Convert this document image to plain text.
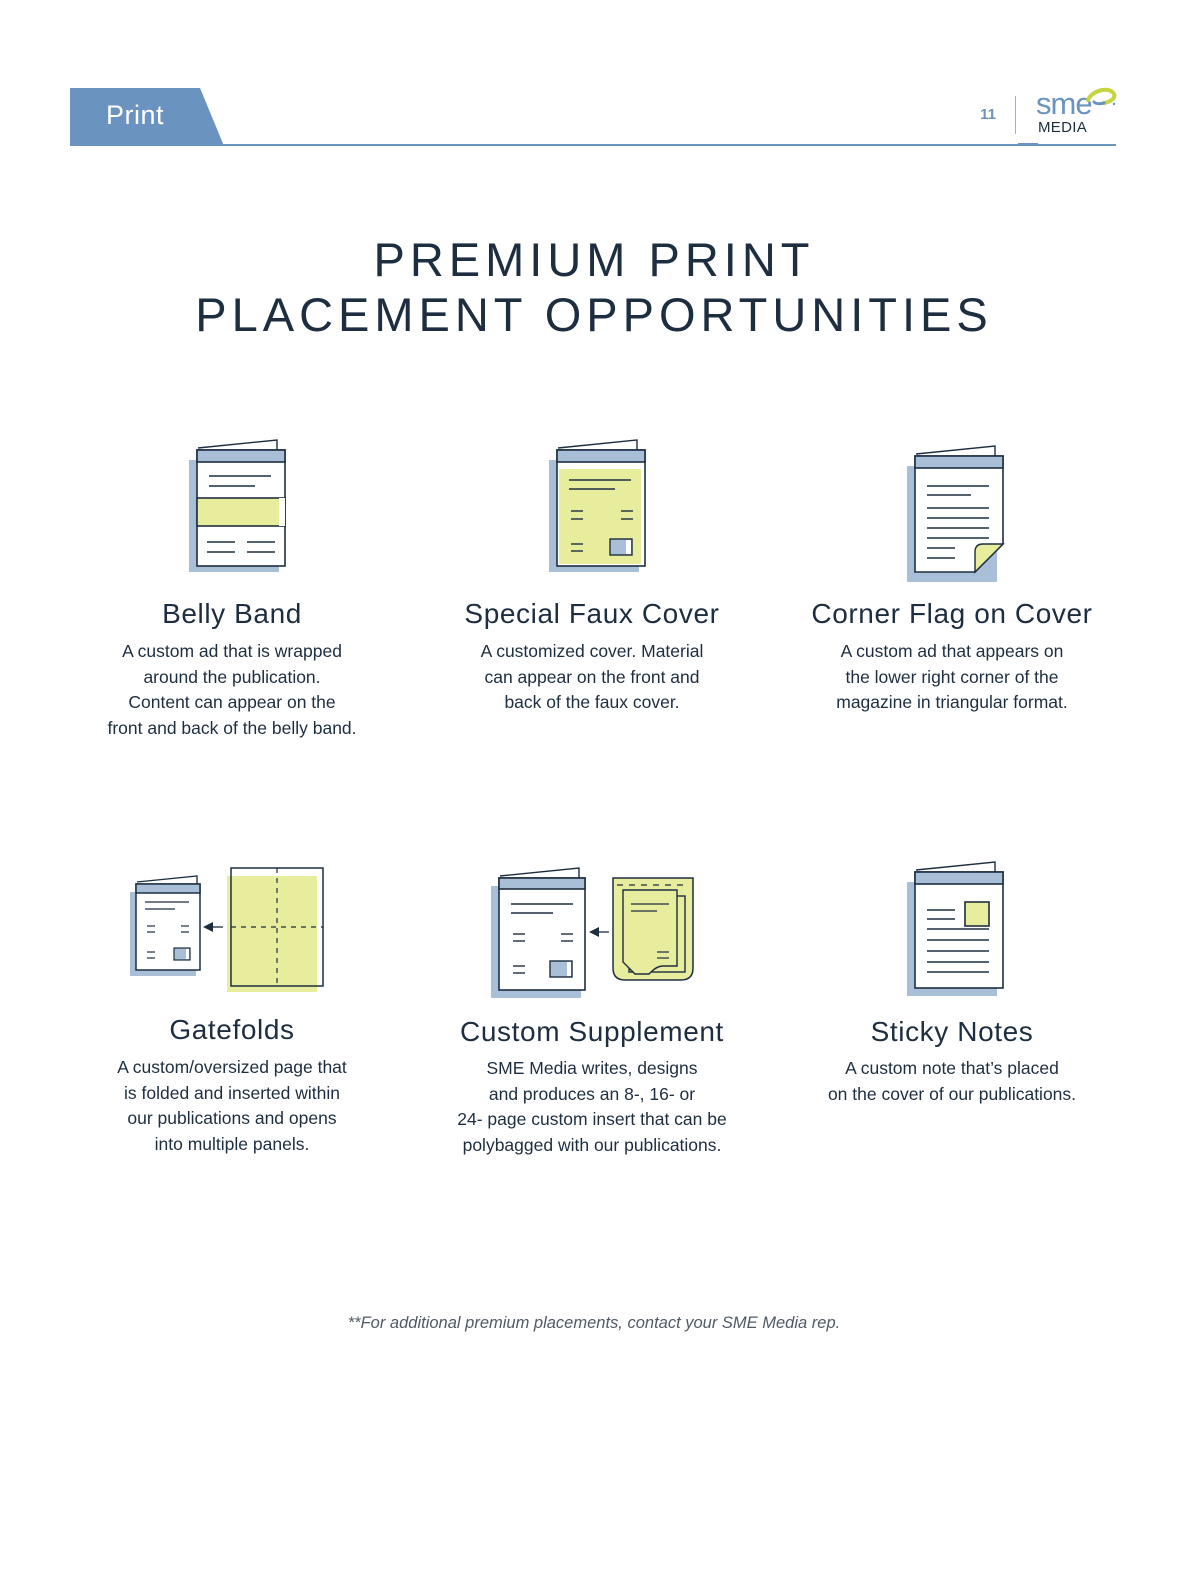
Print	11 sme
MEDIA
PREMIUM PRINT
PLACEMENT OPPORTUNITIES
Belly Band
A custom ad that is wrapped
around the publication.
Content can appear on the
front and back of the belly band.
Special Faux Cover
A customized cover. Material
can appear on the front and
back of the faux cover.
Corner Flag on Cover
A custom ad that appears on
the lower right corner of the
magazine in triangular format.
Gatefolds
A custom/oversized page that
is folded and inserted within
our publications and opens
into multiple panels.
Custom Supplement
SME Media writes, designs
and produces an 8-, 16- or
24- page custom insert that can be
polybagged with our publications.
Sticky Notes
A custom note that’s placed
on the cover of our publications.
**For additional premium placements, contact your SME Media rep.
